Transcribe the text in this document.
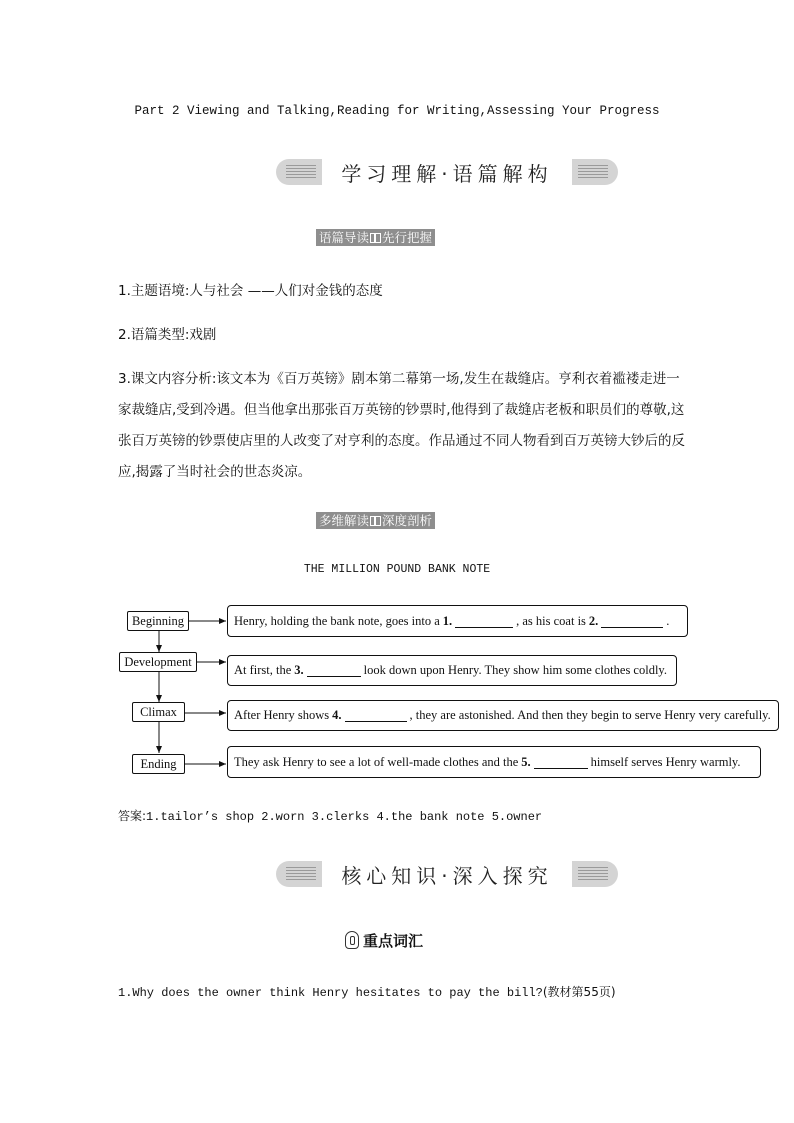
Part 2 Viewing and Talking,Reading for Writing,Assessing Your Progress
学习理解·语篇解构
语篇导读 先行把握
1.主题语境:人与社会 ——人们对金钱的态度
2.语篇类型:戏剧
3.课文内容分析:该文本为《百万英镑》剧本第二幕第一场,发生在裁缝店。亨利衣着褴褛走进一家裁缝店,受到冷遇。但当他拿出那张百万英镑的钞票时,他得到了裁缝店老板和职员们的尊敬,这张百万英镑的钞票使店里的人改变了对亨利的态度。作品通过不同人物看到百万英镑大钞后的反应,揭露了当时社会的世态炎凉。
多维解读 深度剖析
THE MILLION POUND BANK NOTE
Beginning
Development
Climax
Ending
Henry, holding the bank note, goes into a 1.	, as his coat is 2.	.
At first, the 3.	look down upon Henry. They show him some clothes coldly.
After Henry shows 4.	, they are astonished. And then they begin to serve Henry very carefully.
They ask Henry to see a lot of well-made clothes and the 5.	himself serves Henry warmly.
答案:1.tailor’s shop 2.worn 3.clerks 4.the bank note 5.owner
核心知识·深入探究
重点词汇
1.Why does the owner think Henry hesitates to pay the bill?(教材第55页)
